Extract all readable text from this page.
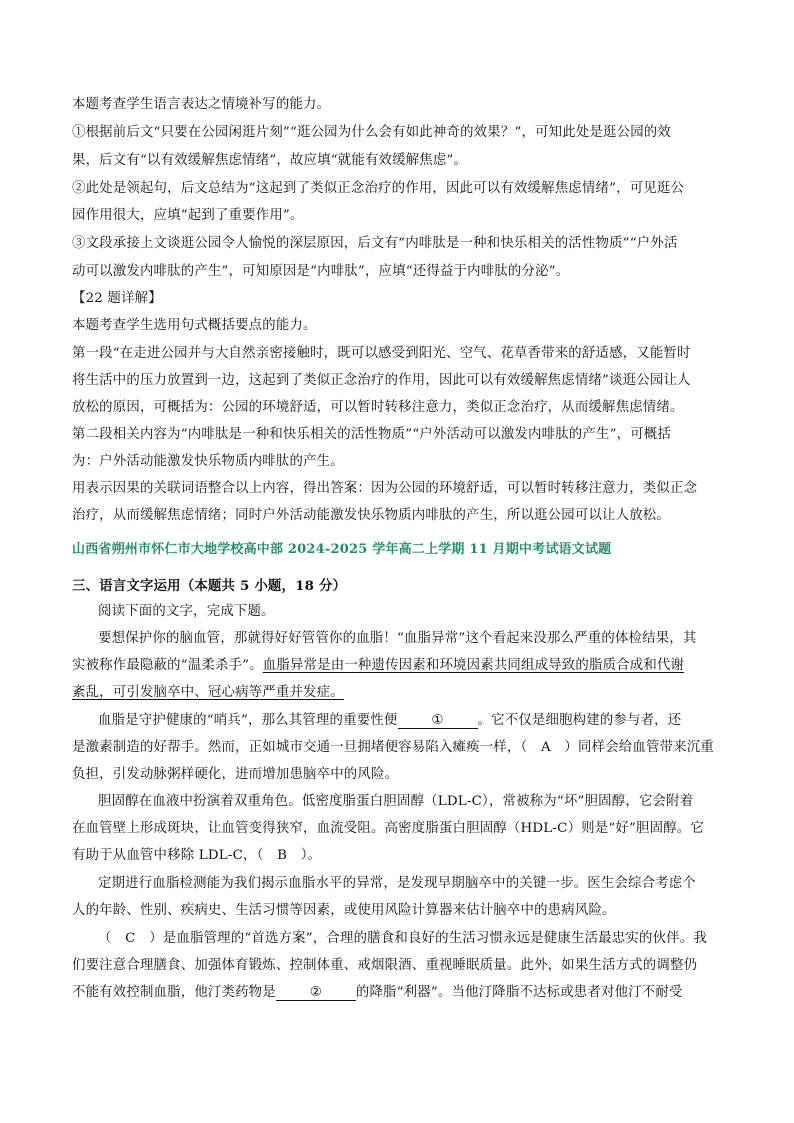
本题考查学生语言表达之情境补写的能力。
①根据前后文“只要在公园闲逛片刻”“逛公园为什么会有如此神奇的效果？”，可知此处是逛公园的效
果，后文有“以有效缓解焦虑情绪”，故应填“就能有效缓解焦虑”。
②此处是领起句，后文总结为“这起到了类似正念治疗的作用，因此可以有效缓解焦虑情绪”，可见逛公
园作用很大，应填“起到了重要作用”。
③文段承接上文谈逛公园令人愉悦的深层原因，后文有“内啡肽是一种和快乐相关的活性物质”“户外活
动可以激发内啡肽的产生”，可知原因是“内啡肽”，应填“还得益于内啡肽的分泌”。
【22 题详解】
本题考查学生选用句式概括要点的能力。
第一段“在走进公园并与大自然亲密接触时，既可以感受到阳光、空气、花草香带来的舒适感，又能暂时
将生活中的压力放置到一边，这起到了类似正念治疗的作用，因此可以有效缓解焦虑情绪”谈逛公园让人
放松的原因，可概括为：公园的环境舒适，可以暂时转移注意力，类似正念治疗，从而缓解焦虑情绪。
第二段相关内容为“内啡肽是一种和快乐相关的活性物质”“户外活动可以激发内啡肽的产生”，可概括
为：户外活动能激发快乐物质内啡肽的产生。
用表示因果的关联词语整合以上内容，得出答案：因为公园的环境舒适，可以暂时转移注意力，类似正念
治疗，从而缓解焦虑情绪；同时户外活动能激发快乐物质内啡肽的产生，所以逛公园可以让人放松。
山西省朔州市怀仁市大地学校高中部 2024-2025 学年高二上学期 11 月期中考试语文试题
三、语言文字运用（本题共 5 小题，18 分）
阅读下面的文字，完成下题。
要想保护你的脑血管，那就得好好管管你的血脂！“血脂异常”这个看起来没那么严重的体检结果，其
实被称作最隐蔽的“温柔杀手”。血脂异常是由一种遗传因素和环境因素共同组成导致的脂质合成和代谢
紊乱，可引发脑卒中、冠心病等严重并发症。
血脂是守护健康的“哨兵”，那么其管理的重要性便	①	。它不仅是细胞构建的参与者，还
是激素制造的好帮手。然而，正如城市交通一旦拥堵便容易陷入瘫痪一样，（　A　）同样会给血管带来沉重
负担，引发动脉粥样硬化，进而增加患脑卒中的风险。
胆固醇在血液中扮演着双重角色。低密度脂蛋白胆固醇（LDL-C），常被称为“坏”胆固醇，它会附着
在血管壁上形成斑块，让血管变得狭窄，血流受阻。高密度脂蛋白胆固醇（HDL-C）则是“好”胆固醇。它
有助于从血管中移除 LDL-C，（　B　）。
定期进行血脂检测能为我们揭示血脂水平的异常，是发现早期脑卒中的关键一步。医生会综合考虑个
人的年龄、性别、疾病史、生活习惯等因素，或使用风险计算器来估计脑卒中的患病风险。
（　C　）是血脂管理的“首选方案”，合理的膳食和良好的生活习惯永远是健康生活最忠实的伙伴。我
们要注意合理膳食、加强体育锻炼、控制体重、戒烟限酒、重视睡眠质量。此外，如果生活方式的调整仍
不能有效控制血脂，他汀类药物是	②	的降脂“利器”。当他汀降脂不达标或患者对他汀不耐受
